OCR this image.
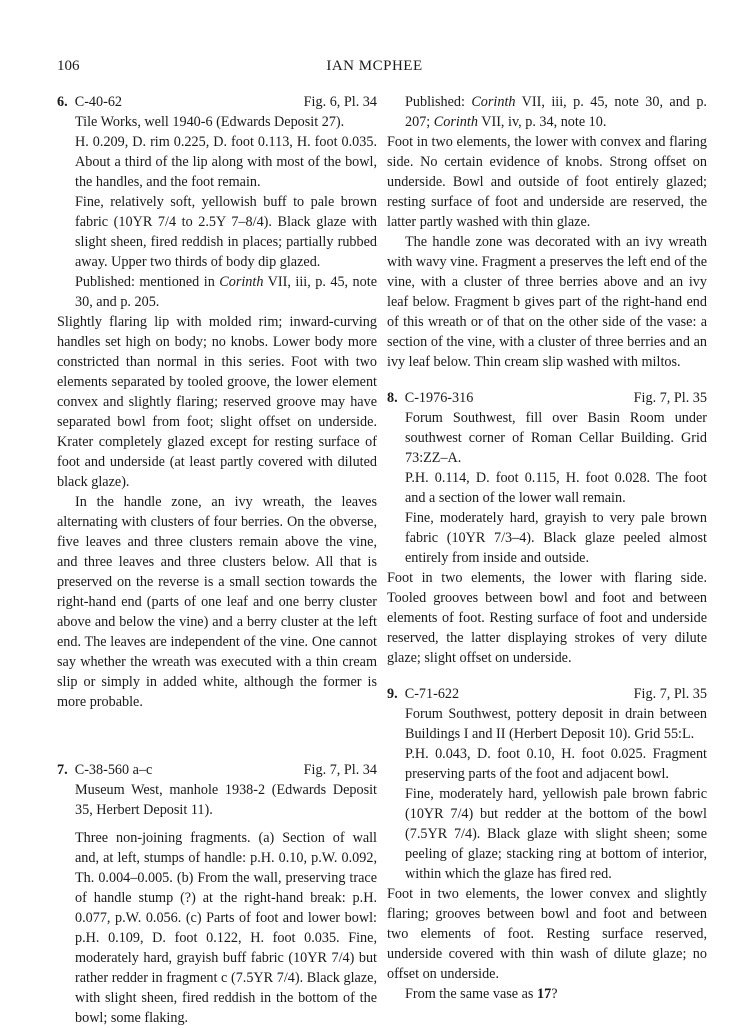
106	IAN MCPHEE
6. C-40-62	Fig. 6, Pl. 34

Tile Works, well 1940-6 (Edwards Deposit 27).

H. 0.209, D. rim 0.225, D. foot 0.113, H. foot 0.035. About a third of the lip along with most of the bowl, the handles, and the foot remain.

Fine, relatively soft, yellowish buff to pale brown fabric (10YR 7/4 to 2.5Y 7–8/4). Black glaze with slight sheen, fired reddish in places; partially rubbed away. Upper two thirds of body dip glazed.

Published: mentioned in Corinth VII, iii, p. 45, note 30, and p. 205.

Slightly flaring lip with molded rim; inward-curving handles set high on body; no knobs. Lower body more constricted than normal in this series. Foot with two elements separated by tooled groove, the lower element convex and slightly flaring; reserved groove may have separated bowl from foot; slight offset on underside. Krater completely glazed except for resting surface of foot and underside (at least partly covered with diluted black glaze).

In the handle zone, an ivy wreath, the leaves alternating with clusters of four berries. On the obverse, five leaves and three clusters remain above the vine, and three leaves and three clusters below. All that is preserved on the reverse is a small section towards the right-hand end (parts of one leaf and one berry cluster above and below the vine) and a berry cluster at the left end. The leaves are independent of the vine. One cannot say whether the wreath was executed with a thin cream slip or simply in added white, although the former is more probable.

7. C-38-560 a–c	Fig. 7, Pl. 34

Museum West, manhole 1938-2 (Edwards Deposit 35, Herbert Deposit 11).

Three non-joining fragments. (a) Section of wall and, at left, stumps of handle: p.H. 0.10, p.W. 0.092, Th. 0.004–0.005. (b) From the wall, preserving trace of handle stump (?) at the right-hand break: p.H. 0.077, p.W. 0.056. (c) Parts of foot and lower bowl: p.H. 0.109, D. foot 0.122, H. foot 0.035. Fine, moderately hard, grayish buff fabric (10YR 7/4) but rather redder in fragment c (7.5YR 7/4). Black glaze, with slight sheen, fired reddish in the bottom of the bowl; some flaking.

Published: Corinth VII, iii, p. 45, note 30, and p. 207; Corinth VII, iv, p. 34, note 10.

Foot in two elements, the lower with convex and flaring side. No certain evidence of knobs. Strong offset on underside. Bowl and outside of foot entirely glazed; resting surface of foot and underside are reserved, the latter partly washed with thin glaze.

The handle zone was decorated with an ivy wreath with wavy vine. Fragment a preserves the left end of the vine, with a cluster of three berries above and an ivy leaf below. Fragment b gives part of the right-hand end of this wreath or of that on the other side of the vase: a section of the vine, with a cluster of three berries and an ivy leaf below. Thin cream slip washed with miltos.

8. C-1976-316	Fig. 7, Pl. 35

Forum Southwest, fill over Basin Room under southwest corner of Roman Cellar Building. Grid 73:ZZ–A.

P.H. 0.114, D. foot 0.115, H. foot 0.028. The foot and a section of the lower wall remain.

Fine, moderately hard, grayish to very pale brown fabric (10YR 7/3–4). Black glaze peeled almost entirely from inside and outside.

Foot in two elements, the lower with flaring side. Tooled grooves between bowl and foot and between elements of foot. Resting surface of foot and underside reserved, the latter displaying strokes of very dilute glaze; slight offset on underside.

9. C-71-622	Fig. 7, Pl. 35

Forum Southwest, pottery deposit in drain between Buildings I and II (Herbert Deposit 10). Grid 55:L.

P.H. 0.043, D. foot 0.10, H. foot 0.025. Fragment preserving parts of the foot and adjacent bowl.

Fine, moderately hard, yellowish pale brown fabric (10YR 7/4) but redder at the bottom of the bowl (7.5YR 7/4). Black glaze with slight sheen; some peeling of glaze; stacking ring at bottom of interior, within which the glaze has fired red.

Foot in two elements, the lower convex and slightly flaring; grooves between bowl and foot and between two elements of foot. Resting surface reserved, underside covered with thin wash of dilute glaze; no offset on underside.

From the same vase as 17?
